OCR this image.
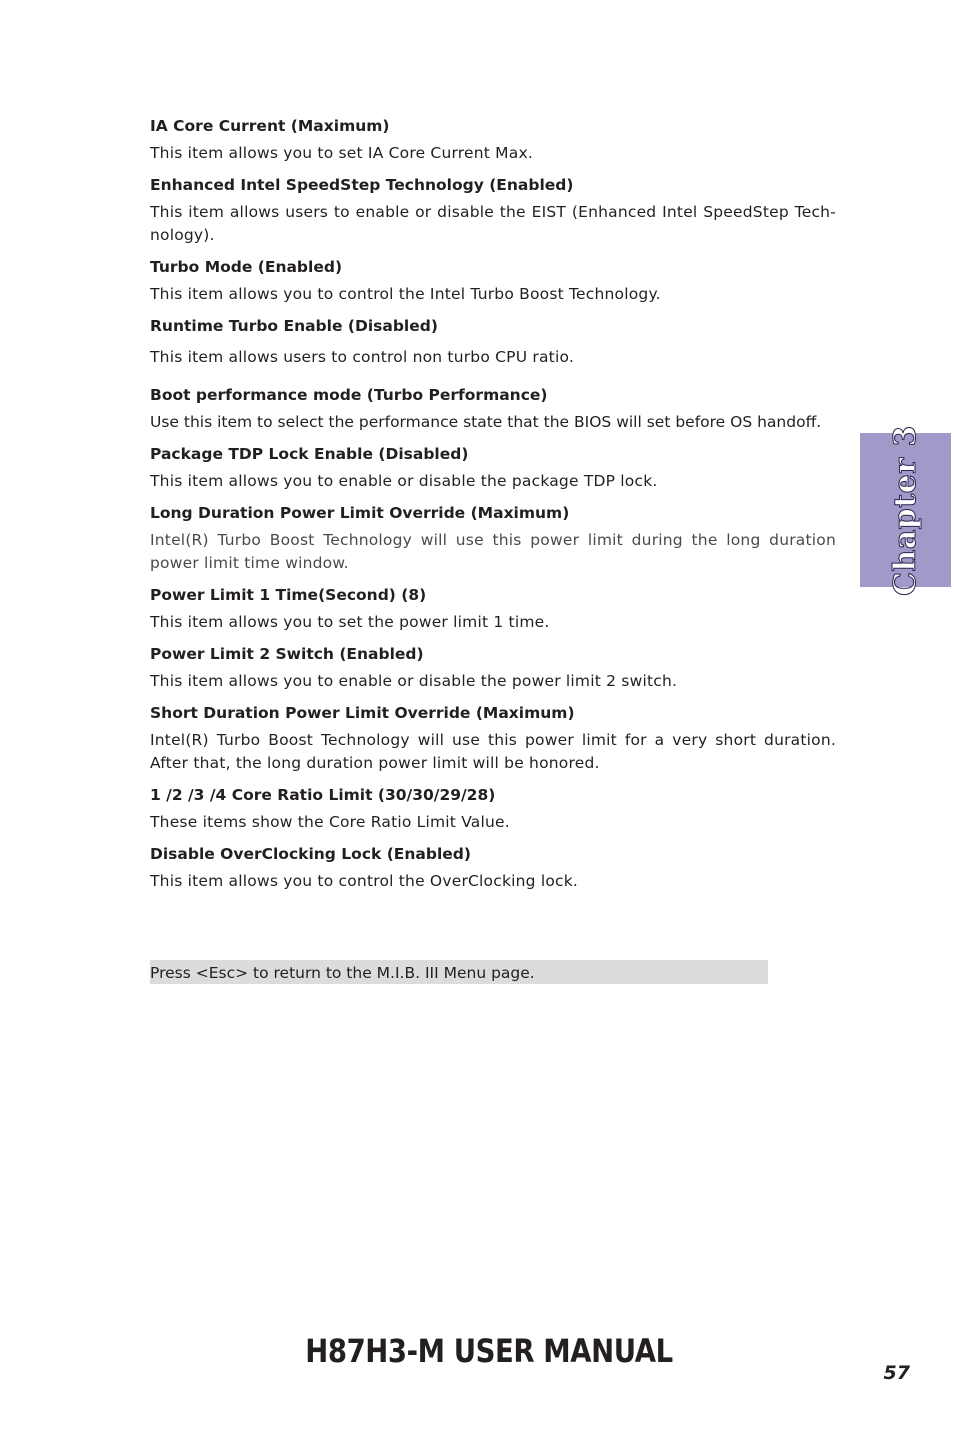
IA Core Current (Maximum)
This item allows you to set IA Core Current Max.
Enhanced Intel SpeedStep Technology (Enabled)
This item allows users to enable or disable the EIST (Enhanced Intel SpeedStep Tech-nology).
Turbo Mode (Enabled)
This item allows you to control the Intel Turbo Boost Technology.
Runtime Turbo Enable (Disabled)
This item allows users to control non turbo CPU ratio.
Boot performance mode (Turbo Performance)
Use this item to select the performance state that the BIOS will set before OS handoff.
Package TDP Lock Enable (Disabled)
This item allows you to enable or disable the package TDP lock.
Long Duration Power Limit Override (Maximum)
Intel(R) Turbo Boost Technology will use this power limit during the long duration power limit time window.
Power Limit 1 Time(Second) (8)
This item allows you to set the power limit 1 time.
Power Limit 2 Switch (Enabled)
This item allows you to enable or disable the power limit 2 switch.
Short Duration Power Limit Override (Maximum)
Intel(R) Turbo Boost Technology will use this power limit for a very short duration. After that, the long duration power limit will be honored.
1 /2 /3 /4 Core Ratio Limit (30/30/29/28)
These items show the Core Ratio Limit Value.
Disable OverClocking Lock (Enabled)
This item allows you to control the OverClocking lock.
Press <Esc> to return to the M.I.B. III Menu page.
Chapter 3
H87H3-M USER MANUAL
57
